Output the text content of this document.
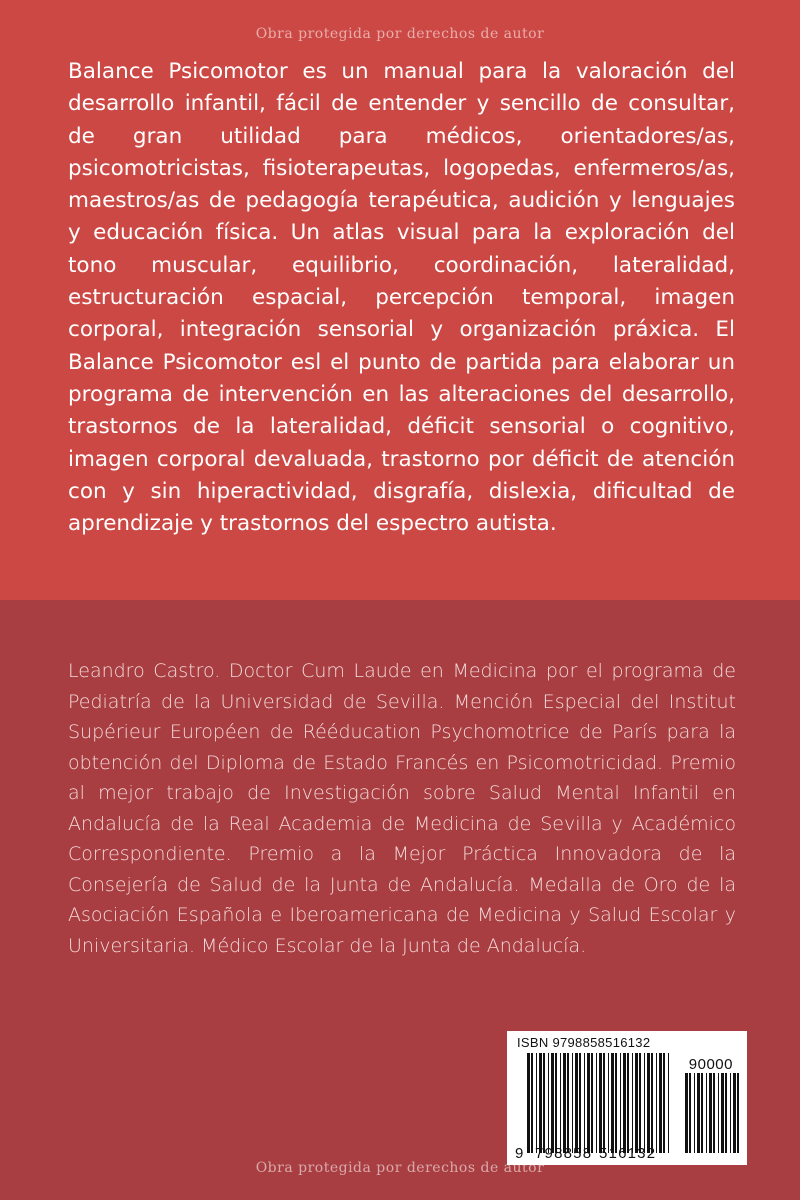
Obra protegida por derechos de autor

Balance Psicomotor es un manual para la valoración del desarrollo infantil, fácil de entender y sencillo de consultar, de gran utilidad para médicos, orientadores/as, psicomotricistas, fisioterapeutas, logopedas, enfermeros/as, maestros/as de pedagogía terapéutica, audición y lenguajes y educación física. Un atlas visual para la exploración del tono muscular, equilibrio, coordinación, lateralidad, estructuración espacial, percepción temporal, imagen corporal, integración sensorial y organización práxica. El Balance Psicomotor esl el punto de partida para elaborar un programa de intervención en las alteraciones del desarrollo, trastornos de la lateralidad, déficit sensorial o cognitivo, imagen corporal devaluada, trastorno por déficit de atención con y sin hiperactividad, disgrafía, dislexia, dificultad de aprendizaje y trastornos del espectro autista.

Leandro Castro. Doctor Cum Laude en Medicina por el programa de Pediatría de la Universidad de Sevilla. Mención Especial del Institut Supérieur Européen de Rééducation Psychomotrice de París para la obtención del Diploma de Estado Francés en Psicomotricidad. Premio al mejor trabajo de Investigación sobre Salud Mental Infantil en Andalucía de la Real Academia de Medicina de Sevilla y Académico Correspondiente. Premio a la Mejor Práctica Innovadora de la Consejería de Salud de la Junta de Andalucía. Medalla de Oro de la Asociación Española e Iberoamericana de Medicina y Salud Escolar y Universitaria. Médico Escolar de la Junta de Andalucía.

ISBN 9798858516132
90000
9 798858 516132
Obra protegida por derechos de autor
